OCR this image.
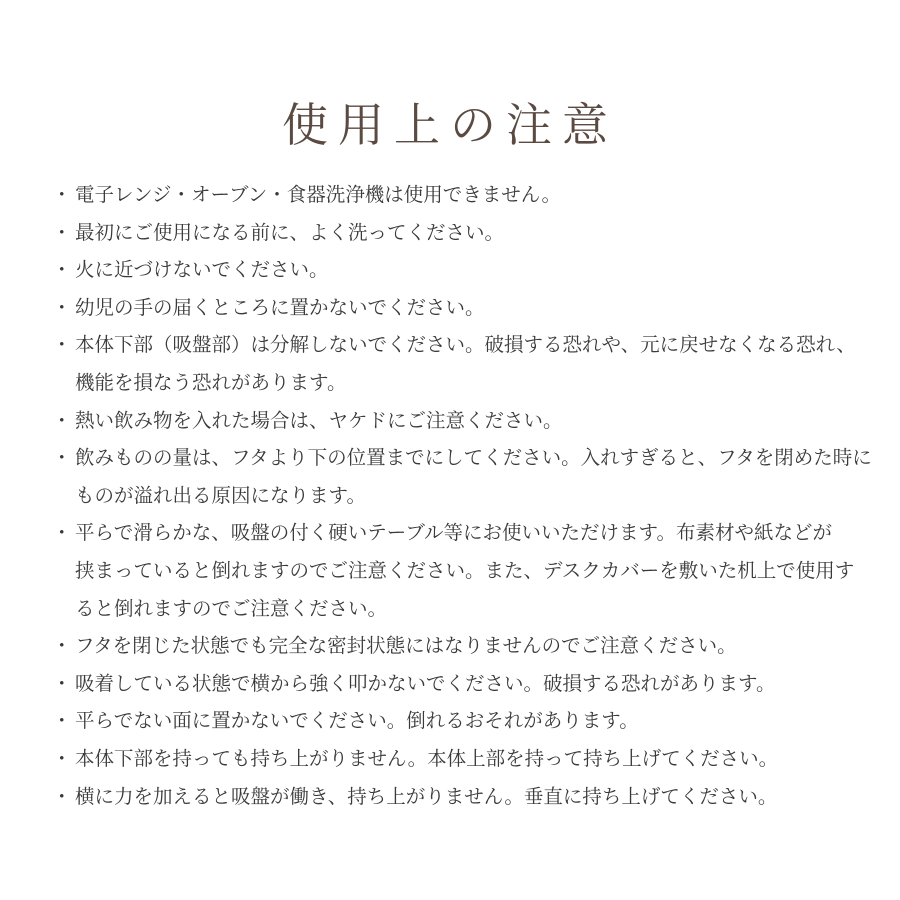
使用上の注意
・ 電子レンジ・オーブン・食器洗浄機は使用できません。
・ 最初にご使用になる前に、よく洗ってください。
・ 火に近づけないでください。
・ 幼児の手の届くところに置かないでください。
・ 本体下部（吸盤部）は分解しないでください。破損する恐れや、元に戻せなくなる恐れ、
機能を損なう恐れがあります。
・ 熱い飲み物を入れた場合は、ヤケドにご注意ください。
・ 飲みものの量は、フタより下の位置までにしてください。入れすぎると、フタを閉めた時に
ものが溢れ出る原因になります。
・ 平らで滑らかな、吸盤の付く硬いテーブル等にお使いいただけます。布素材や紙などが
挟まっていると倒れますのでご注意ください。また、デスクカバーを敷いた机上で使用す
ると倒れますのでご注意ください。
・ フタを閉じた状態でも完全な密封状態にはなりませんのでご注意ください。
・ 吸着している状態で横から強く叩かないでください。破損する恐れがあります。
・ 平らでない面に置かないでください。倒れるおそれがあります。
・ 本体下部を持っても持ち上がりません。本体上部を持って持ち上げてください。
・ 横に力を加えると吸盤が働き、持ち上がりません。垂直に持ち上げてください。
